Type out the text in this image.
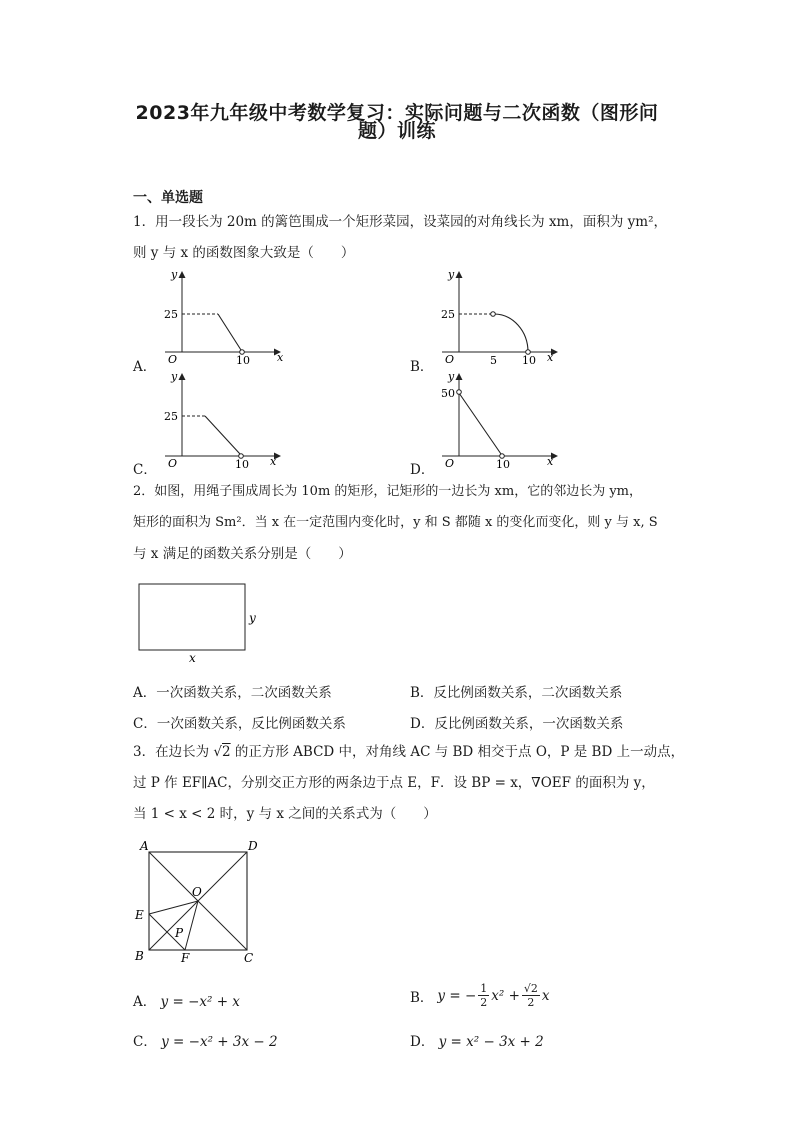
2023年九年级中考数学复习：实际问题与二次函数（图形问
题）训练
一、单选题
1．用一段长为 20m 的篱笆围成一个矩形菜园，设菜园的对角线长为 xm，面积为 ym²，
则 y 与 x 的函数图象大致是（　　）
A．
y
x
O
25
10	B．
y
x
O
25
5 10
C．
y
x
O
25
10	D．
y
x
O
50
10
2．如图，用绳子围成周长为 10m 的矩形，记矩形的一边长为 xm，它的邻边长为 ym，
矩形的面积为 Sm²．当 x 在一定范围内变化时，y 和 S 都随 x 的变化而变化，则 y 与 x, S
与 x 满足的函数关系分别是（　　）
y
x
A．一次函数关系，二次函数关系	B．反比例函数关系，二次函数关系
C．一次函数关系，反比例函数关系	D．反比例函数关系，一次函数关系
3．在边长为 √2 的正方形 ABCD 中，对角线 AC 与 BD 相交于点 O，P 是 BD 上一动点，
过 P 作 EF∥AC，分别交正方形的两条边于点 E，F．设 BP = x，∇OEF 的面积为 y，
当 1 < x < 2 时，y 与 x 之间的关系式为（　　）
A	D
B	C
O
E
P
F
A． y = −x² + x	B． y = − $\frac{1}{2} x^2 + \frac{√2}{2}$ x
C． y = −x² + 3x − 2	D． y = x² − 3x + 2
